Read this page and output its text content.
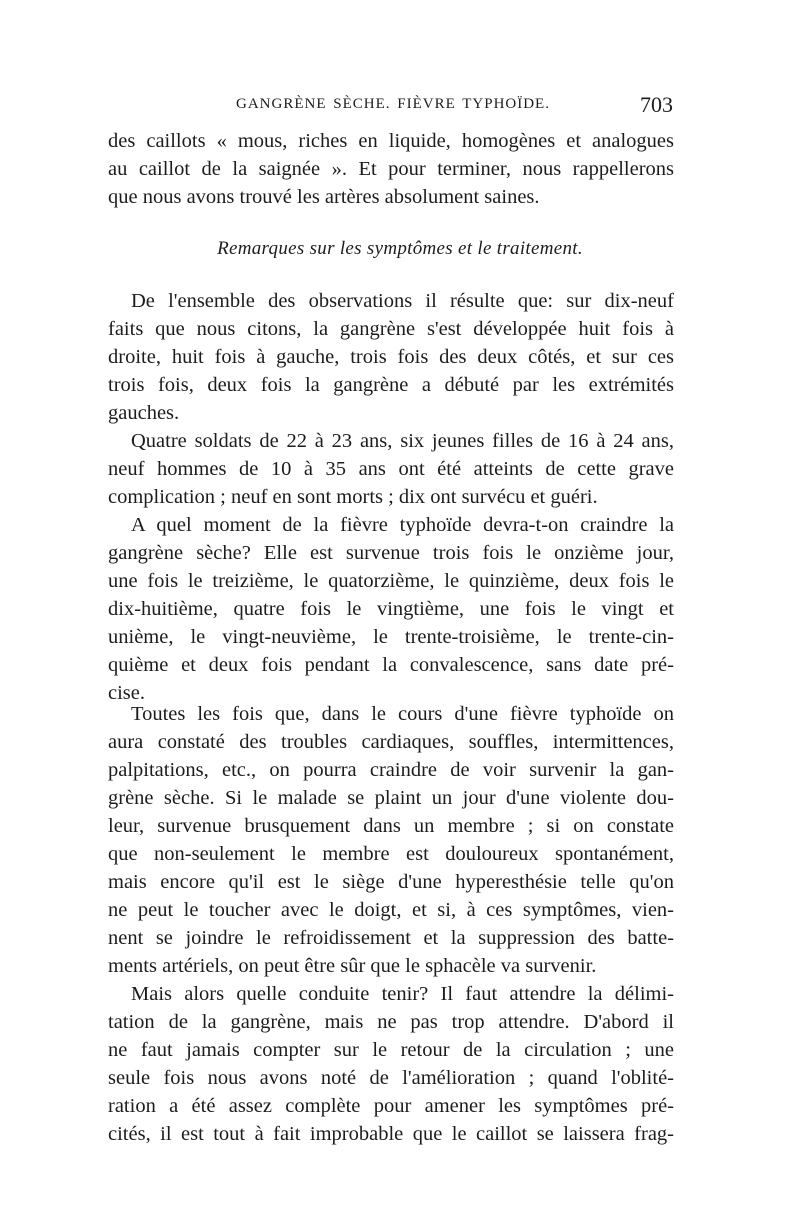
GANGRÈNE SÈCHE. FIÈVRE TYPHOÏDE.	703
des caillots « mous, riches en liquide, homogènes et analogues
au caillot de la saignée ». Et pour terminer, nous rappellerons
que nous avons trouvé les artères absolument saines.
Remarques sur les symptômes et le traitement.
De l'ensemble des observations il résulte que: sur dix-neuf
faits que nous citons, la gangrène s'est développée huit fois à
droite, huit fois à gauche, trois fois des deux côtés, et sur ces
trois fois, deux fois la gangrène a débuté par les extrémités
gauches.
Quatre soldats de 22 à 23 ans, six jeunes filles de 16 à 24 ans,
neuf hommes de 10 à 35 ans ont été atteints de cette grave
complication ; neuf en sont morts ; dix ont survécu et guéri.
A quel moment de la fièvre typhoïde devra-t-on craindre la
gangrène sèche? Elle est survenue trois fois le onzième jour,
une fois le treizième, le quatorzième, le quinzième, deux fois le
dix-huitième, quatre fois le vingtième, une fois le vingt et
unième, le vingt-neuvième, le trente-troisième, le trente-cin-
quième et deux fois pendant la convalescence, sans date pré-
cise.
Toutes les fois que, dans le cours d'une fièvre typhoïde on
aura constaté des troubles cardiaques, souffles, intermittences,
palpitations, etc., on pourra craindre de voir survenir la gan-
grène sèche. Si le malade se plaint un jour d'une violente dou-
leur, survenue brusquement dans un membre ; si on constate
que non-seulement le membre est douloureux spontanément,
mais encore qu'il est le siège d'une hyperesthésie telle qu'on
ne peut le toucher avec le doigt, et si, à ces symptômes, vien-
nent se joindre le refroidissement et la suppression des batte-
ments artériels, on peut être sûr que le sphacèle va survenir.
Mais alors quelle conduite tenir? Il faut attendre la délimi-
tation de la gangrène, mais ne pas trop attendre. D'abord il
ne faut jamais compter sur le retour de la circulation ; une
seule fois nous avons noté de l'amélioration ; quand l'oblité-
ration a été assez complète pour amener les symptômes pré-
cités, il est tout à fait improbable que le caillot se laissera frag-
